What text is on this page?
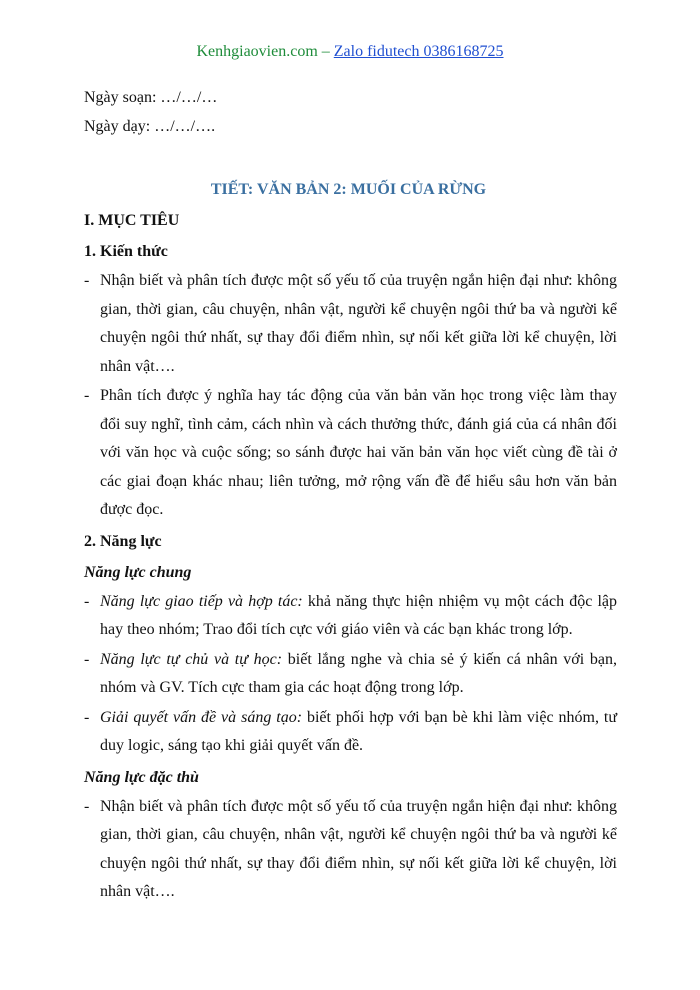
Kenhgiaovien.com – Zalo fidutech 0386168725
Ngày soạn: …/…/…
Ngày dạy: …/…/….
TIẾT: VĂN BẢN 2: MUỐI CỦA RỪNG
I. MỤC TIÊU
1. Kiến thức
- Nhận biết và phân tích được một số yếu tố của truyện ngắn hiện đại như: không gian, thời gian, câu chuyện, nhân vật, người kể chuyện ngôi thứ ba và người kể chuyện ngôi thứ nhất, sự thay đổi điểm nhìn, sự nối kết giữa lời kể chuyện, lời nhân vật….
- Phân tích được ý nghĩa hay tác động của văn bản văn học trong việc làm thay đổi suy nghĩ, tình cảm, cách nhìn và cách thưởng thức, đánh giá của cá nhân đối với văn học và cuộc sống; so sánh được hai văn bản văn học viết cùng đề tài ở các giai đoạn khác nhau; liên tưởng, mở rộng vấn đề để hiểu sâu hơn văn bản được đọc.
2. Năng lực
Năng lực chung
- Năng lực giao tiếp và hợp tác: khả năng thực hiện nhiệm vụ một cách độc lập hay theo nhóm; Trao đổi tích cực với giáo viên và các bạn khác trong lớp.
- Năng lực tự chủ và tự học: biết lắng nghe và chia sẻ ý kiến cá nhân với bạn, nhóm và GV. Tích cực tham gia các hoạt động trong lớp.
- Giải quyết vấn đề và sáng tạo: biết phối hợp với bạn bè khi làm việc nhóm, tư duy logic, sáng tạo khi giải quyết vấn đề.
Năng lực đặc thù
- Nhận biết và phân tích được một số yếu tố của truyện ngắn hiện đại như: không gian, thời gian, câu chuyện, nhân vật, người kể chuyện ngôi thứ ba và người kể chuyện ngôi thứ nhất, sự thay đổi điểm nhìn, sự nối kết giữa lời kể chuyện, lời nhân vật….
